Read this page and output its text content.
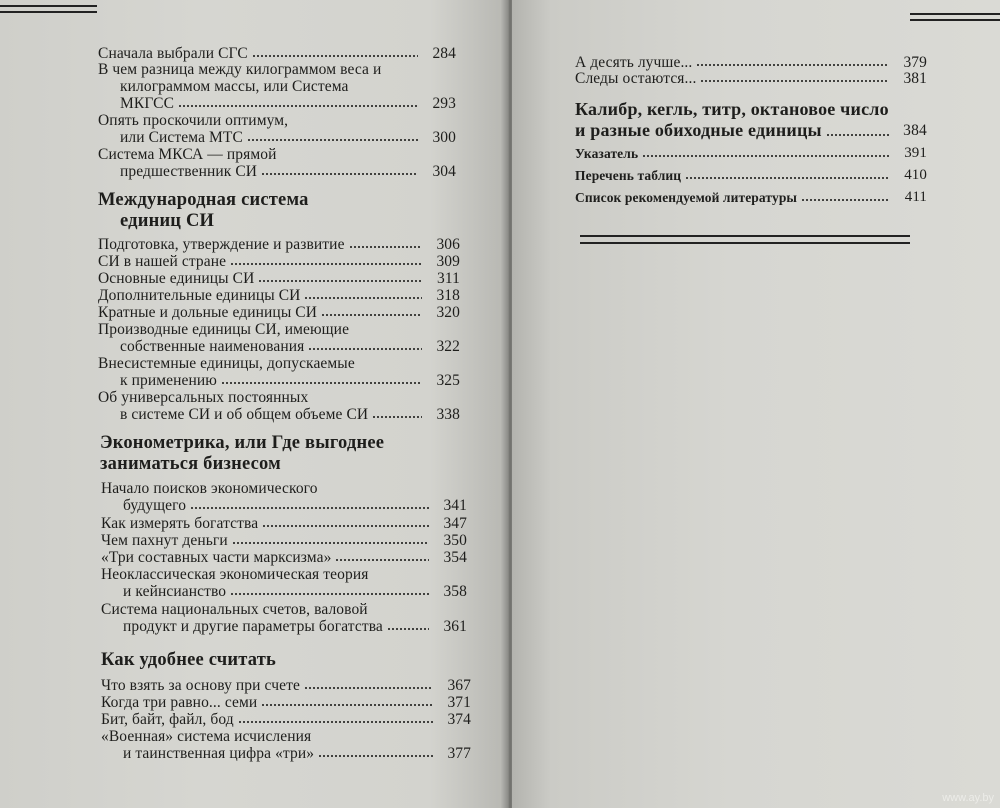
Сначала выбрали СГС	284
В чем разница между килограммом веса и
килограммом массы, или Система
МКГСС	293
Опять проскочили оптимум,
или Система МТС	300
Система МКСА — прямой
предшественник СИ	304
Международная система
единиц СИ
Эконометрика, или Где выгоднее
заниматься бизнесом
Как удобнее считать
Подготовка, утверждение и развитие	306
СИ в нашей стране	309
Основные единицы СИ	311
Дополнительные единицы СИ	318
Кратные и дольные единицы СИ	320
Производные единицы СИ, имеющие
собственные наименования	322
Внесистемные единицы, допускаемые
к применению	325
Об универсальных постоянных
в системе СИ и об общем объеме СИ	338
Начало поисков экономического
будущего	341
Как измерять богатства	347
Чем пахнут деньги	350
«Три составных части марксизма»	354
Неоклассическая экономическая теория
и кейнсианство	358
Система национальных счетов, валовой
продукт и другие параметры богатства	361
Что взять за основу при счете	367
Когда три равно... семи	371
Бит, байт, файл, бод	374
«Военная» система исчисления
и таинственная цифра «три»	377
А десять лучше...	379
Следы остаются...	381
Калибр, кегль, титр, октановое число
и разные обиходные единицы	384
Указатель	391
Перечень таблиц	410
Список рекомендуемой литературы	411
www.ay.by
